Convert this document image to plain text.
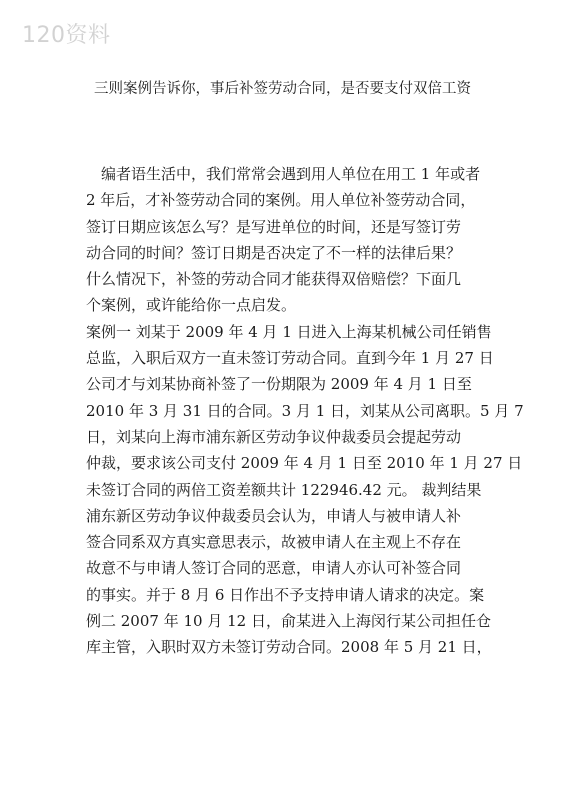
120资料
三则案例告诉你，事后补签劳动合同，是否要支付双倍工资
　编者语生活中，我们常常会遇到用人单位在用工 1 年或者
2 年后，才补签劳动合同的案例。用人单位补签劳动合同，
签订日期应该怎么写？是写进单位的时间，还是写签订劳
动合同的时间？签订日期是否决定了不一样的法律后果？
什么情况下，补签的劳动合同才能获得双倍赔偿？下面几
个案例，或许能给你一点启发。
案例一 刘某于 2009 年 4 月 1 日进入上海某机械公司任销售
总监，入职后双方一直未签订劳动合同。直到今年 1 月 27 日
公司才与刘某协商补签了一份期限为 2009 年 4 月 1 日至
2010 年 3 月 31 日的合同。3 月 1 日，刘某从公司离职。5 月 7
日，刘某向上海市浦东新区劳动争议仲裁委员会提起劳动
仲裁，要求该公司支付 2009 年 4 月 1 日至 2010 年 1 月 27 日
未签订合同的两倍工资差额共计 122946.42 元。 裁判结果
浦东新区劳动争议仲裁委员会认为，申请人与被申请人补
签合同系双方真实意思表示，故被申请人在主观上不存在
故意不与申请人签订合同的恶意，申请人亦认可补签合同
的事实。并于 8 月 6 日作出不予支持申请人请求的决定。案
例二 2007 年 10 月 12 日，俞某进入上海闵行某公司担任仓
库主管，入职时双方未签订劳动合同。2008 年 5 月 21 日，
